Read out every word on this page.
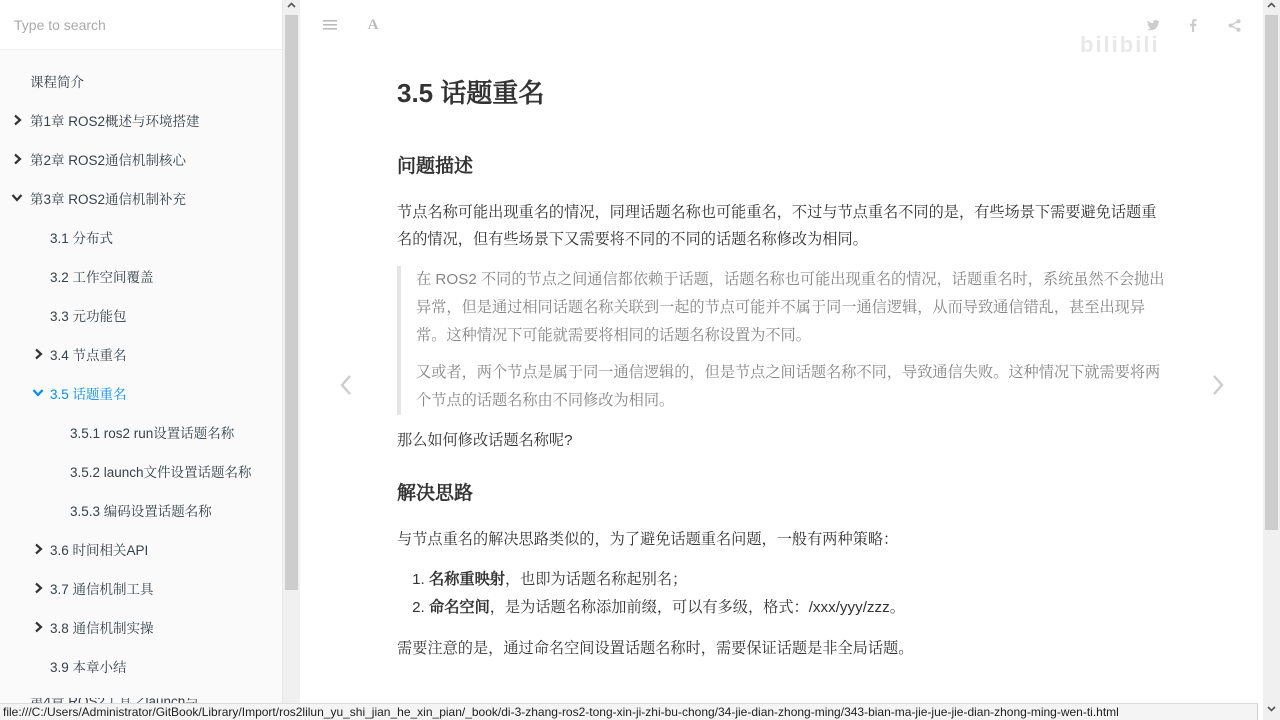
Type to search
课程简介
第1章 ROS2概述与环境搭建
第2章 ROS2通信机制核心
第3章 ROS2通信机制补充
3.1 分布式
3.2 工作空间覆盖
3.3 元功能包
3.4 节点重名
3.5 话题重名
3.5.1 ros2 run设置话题名称
3.5.2 launch文件设置话题名称
3.5.3 编码设置话题名称
3.6 时间相关API
3.7 通信机制工具
3.8 通信机制实操
3.9 本章小结
A
3.5 话题重名
问题描述

节点名称可能出现重名的情况，同理话题名称也可能重名，不过与节点重名不同的是，有些场景下需要避免话题重名的情况，但有些场景下又需要将不同的不同的话题名称修改为相同。

在 ROS2 不同的节点之间通信都依赖于话题，话题名称也可能出现重名的情况，话题重名时，系统虽然不会抛出异常，但是通过相同话题名称关联到一起的节点可能并不属于同一通信逻辑，从而导致通信错乱，甚至出现异常。这种情况下可能就需要将相同的话题名称设置为不同。

又或者，两个节点是属于同一通信逻辑的，但是节点之间话题名称不同，导致通信失败。这种情况下就需要将两个节点的话题名称由不同修改为相同。

那么如何修改话题名称呢?

解决思路

与节点重名的解决思路类似的，为了避免话题重名问题，一般有两种策略：

1. 名称重映射，也即为话题名称起别名；
2. 命名空间，是为话题名称添加前缀，可以有多级，格式：/xxx/yyy/zzz。

需要注意的是，通过命名空间设置话题名称时，需要保证话题是非全局话题。

bilibili
file:///C:/Users/Administrator/GitBook/Library/Import/ros2lilun_yu_shi_jian_he_xin_pian/_book/di-3-zhang-ros2-tong-xin-ji-zhi-bu-chong/34-jie-dian-zhong-ming/343-bian-ma-jie-jue-jie-dian-zhong-ming-wen-ti.html
